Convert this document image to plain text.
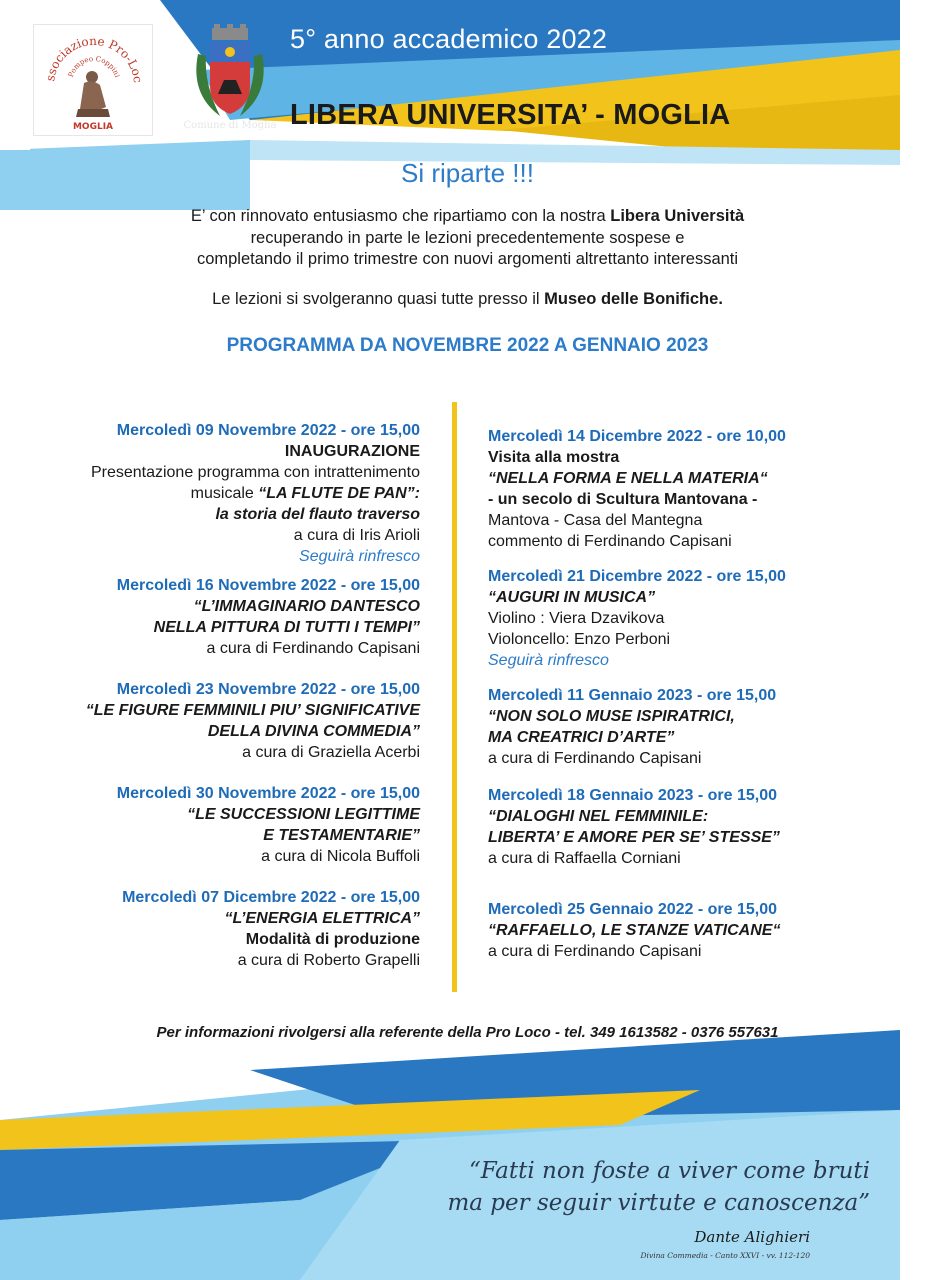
ssociazione Pro-Loc
Pompeo Coppini
MOGLIA	Comune di Moglia
5° anno accademico 2022
LIBERA UNIVERSITA’ - MOGLIA
Si riparte !!!
E’ con rinnovato entusiasmo che ripartiamo con la nostra Libera Università
recuperando in parte le lezioni precedentemente sospese e
completando il primo trimestre con nuovi argomenti altrettanto interessanti
Le lezioni si svolgeranno quasi tutte presso il Museo delle Bonifiche.
PROGRAMMA DA NOVEMBRE 2022 A GENNAIO 2023
Mercoledì 09 Novembre 2022 - ore 15,00
INAUGURAZIONE
Presentazione programma con intrattenimento
musicale “LA FLUTE DE PAN”:
la storia del flauto traverso
a cura di Iris Arioli
Seguirà rinfresco
Mercoledì 16 Novembre 2022 - ore 15,00
“L’IMMAGINARIO DANTESCO
NELLA PITTURA DI TUTTI I TEMPI”
a cura di Ferdinando Capisani
Mercoledì 23 Novembre 2022 - ore 15,00
“LE FIGURE FEMMINILI PIU’ SIGNIFICATIVE
DELLA DIVINA COMMEDIA”
a cura di Graziella Acerbi
Mercoledì 30 Novembre 2022 - ore 15,00
“LE SUCCESSIONI LEGITTIME
E TESTAMENTARIE”
a cura di Nicola Buffoli
Mercoledì 07 Dicembre 2022 - ore 15,00
“L’ENERGIA ELETTRICA”
Modalità di produzione
a cura di Roberto Grapelli
Mercoledì 14 Dicembre 2022 - ore 10,00
Visita alla mostra
“NELLA FORMA E NELLA MATERIA“
- un secolo di Scultura Mantovana -
Mantova - Casa del Mantegna
commento di Ferdinando Capisani
Mercoledì 21 Dicembre 2022 - ore 15,00
“AUGURI IN MUSICA”
Violino : Viera Dzavikova
Violoncello: Enzo Perboni
Seguirà rinfresco
Mercoledì 11 Gennaio 2023 - ore 15,00
“NON SOLO MUSE ISPIRATRICI,
MA CREATRICI D’ARTE”
a cura di Ferdinando Capisani
Mercoledì 18 Gennaio 2023 - ore 15,00
“DIALOGHI NEL FEMMINILE:
LIBERTA’ E AMORE PER SE’ STESSE”
a cura di Raffaella Corniani
Mercoledì 25 Gennaio 2022 - ore 15,00
“RAFFAELLO, LE STANZE VATICANE“
a cura di Ferdinando Capisani
Per informazioni rivolgersi alla referente della Pro Loco - tel. 349 1613582 - 0376 557631
“Fatti non foste a viver come bruti
ma per seguir virtute e canoscenza”
Dante Alighieri
Divina Commedia - Canto XXVI - vv. 112-120
